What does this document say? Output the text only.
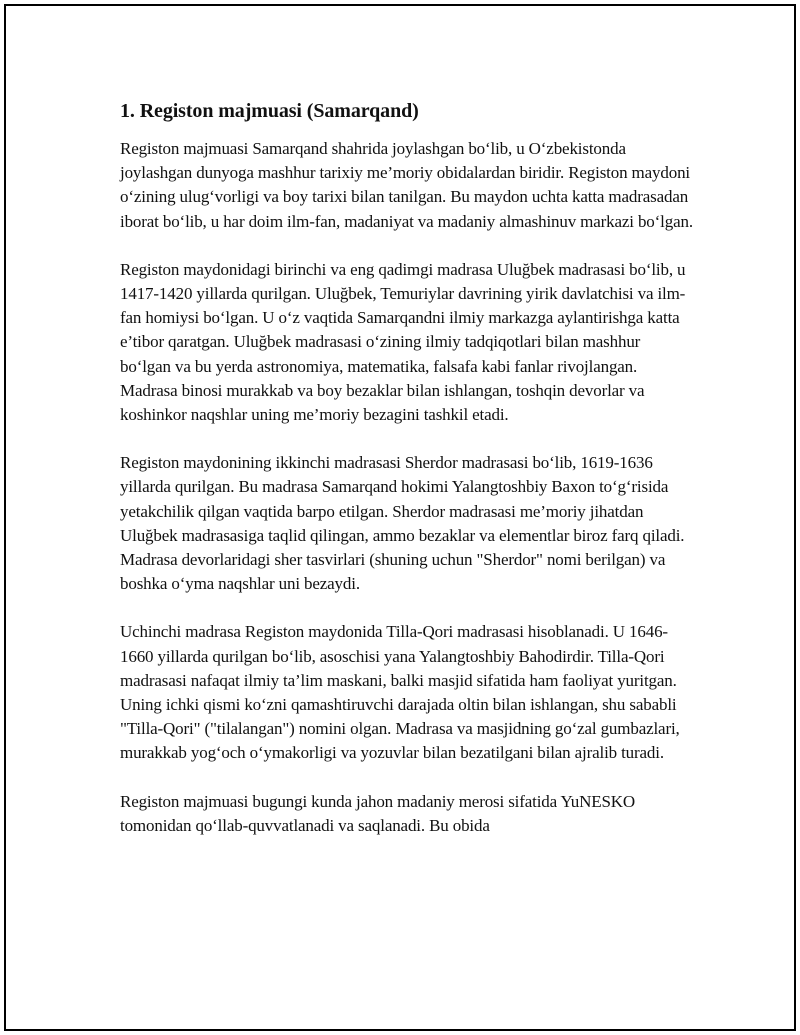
1. Registon majmuasi (Samarqand)

Registon majmuasi Samarqand shahrida joylashgan bo‘lib, u O‘zbekistonda joylashgan dunyoga mashhur tarixiy me’moriy obidalardan biridir. Registon maydoni o‘zining ulug‘vorligi va boy tarixi bilan tanilgan. Bu maydon uchta katta madrasadan iborat bo‘lib, u har doim ilm-fan, madaniyat va madaniy almashinuv markazi bo‘lgan.

Registon maydonidagi birinchi va eng qadimgi madrasa Uluğbek madrasasi bo‘lib, u 1417-1420 yillarda qurilgan. Uluğbek, Temuriylar davrining yirik davlatchisi va ilm-fan homiysi bo‘lgan. U o‘z vaqtida Samarqandni ilmiy markazga aylantirishga katta e’tibor qaratgan. Uluğbek madrasasi o‘zining ilmiy tadqiqotlari bilan mashhur bo‘lgan va bu yerda astronomiya, matematika, falsafa kabi fanlar rivojlangan. Madrasa binosi murakkab va boy bezaklar bilan ishlangan, toshqin devorlar va koshinkor naqshlar uning me’moriy bezagini tashkil etadi.

Registon maydonining ikkinchi madrasasi Sherdor madrasasi bo‘lib, 1619-1636 yillarda qurilgan. Bu madrasa Samarqand hokimi Yalangtoshbiy Baxon to‘g‘risida yetakchilik qilgan vaqtida barpo etilgan. Sherdor madrasasi me’moriy jihatdan Uluğbek madrasasiga taqlid qilingan, ammo bezaklar va elementlar biroz farq qiladi. Madrasa devorlaridagi sher tasvirlari (shuning uchun "Sherdor" nomi berilgan) va boshka o‘yma naqshlar uni bezaydi.

Uchinchi madrasa Registon maydonida Tilla-Qori madrasasi hisoblanadi. U 1646-1660 yillarda qurilgan bo‘lib, asoschisi yana Yalangtoshbiy Bahodirdir. Tilla-Qori madrasasi nafaqat ilmiy ta’lim maskani, balki masjid sifatida ham faoliyat yuritgan. Uning ichki qismi ko‘zni qamashtiruvchi darajada oltin bilan ishlangan, shu sababli "Tilla-Qori" ("tilalangan") nomini olgan. Madrasa va masjidning go‘zal gumbazlari, murakkab yog‘och o‘ymakorligi va yozuvlar bilan bezatilgani bilan ajralib turadi.

Registon majmuasi bugungi kunda jahon madaniy merosi sifatida YuNESKO tomonidan qo‘llab-quvvatlanadi va saqlanadi. Bu obida
